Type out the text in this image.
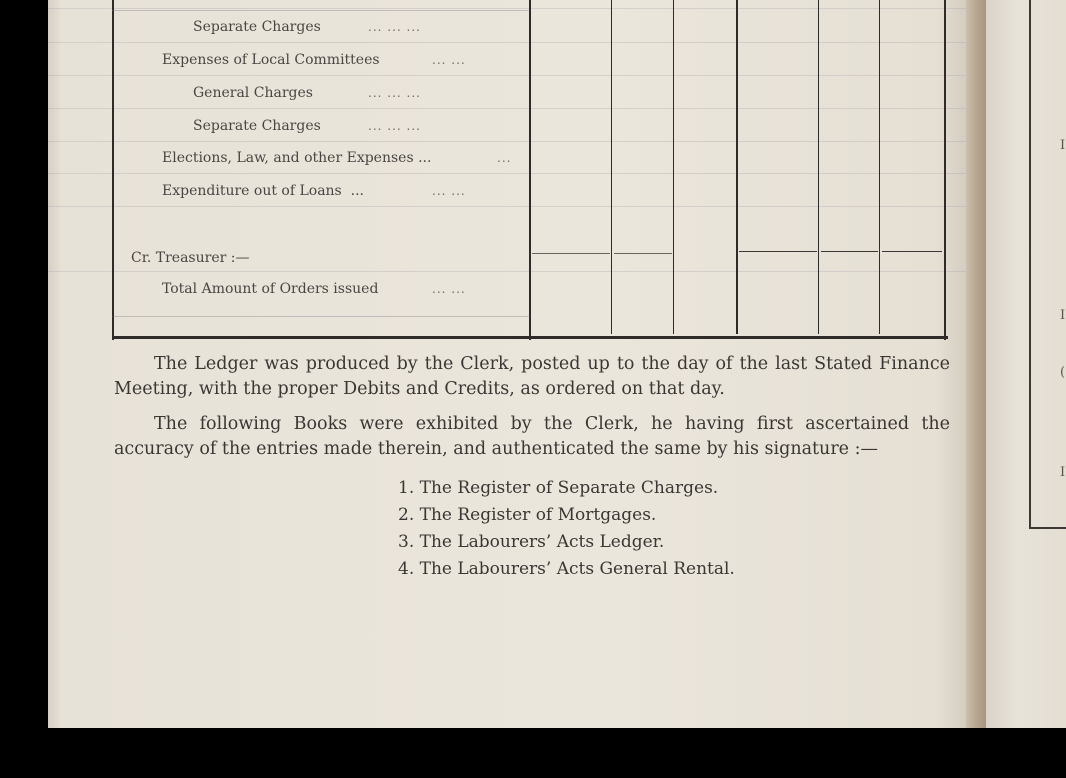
Separate Charges	... ... ...
Expenses of Local Committees	... ...
General Charges	... ... ...
Separate Charges	... ... ...
Elections, Law, and other Expenses ...	...
Expenditure out of Loans  ...	... ...
Cr. Treasurer :—
Total Amount of Orders issued	... ...
The Ledger was produced by the Clerk, posted up to the day of the last Stated Finance Meeting, with the proper Debits and Credits, as ordered on that day.
The following Books were exhibited by the Clerk, he having first ascertained the accuracy of the entries made therein, and authenticated the same by his signature :—
1. The Register of Separate Charges.
2. The Register of Mortgages.
3. The Labourers’ Acts Ledger.
4. The Labourers’ Acts General Rental.
I
I
(
I
